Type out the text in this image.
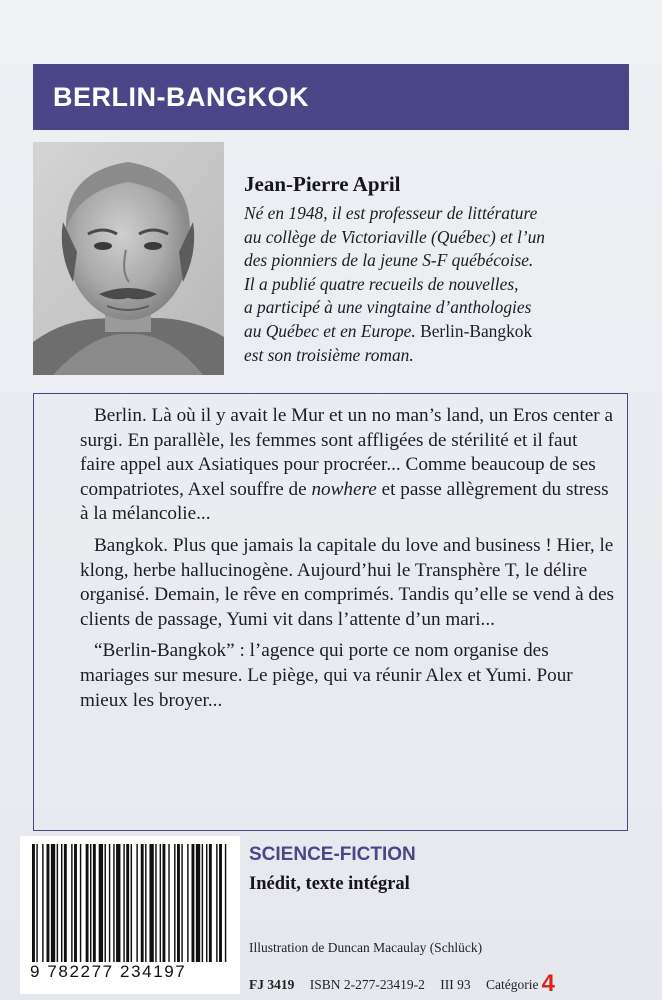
BERLIN-BANGKOK
Jean-Pierre April
Né en 1948, il est professeur de littérature
au collège de Victoriaville (Québec) et l’un
des pionniers de la jeune S-F québécoise.
Il a publié quatre recueils de nouvelles,
a participé à une vingtaine d’anthologies
au Québec et en Europe. Berlin-Bangkok
est son troisième roman.

Berlin. Là où il y avait le Mur et un no man’s land, un Eros center a surgi. En parallèle, les femmes sont affligées de stérilité et il faut faire appel aux Asiatiques pour procréer... Comme beaucoup de ses compatriotes, Axel souffre de nowhere et passe allègrement du stress à la mélancolie...

Bangkok. Plus que jamais la capitale du love and business ! Hier, le klong, herbe hallucinogène. Aujourd’hui le Transphère T, le délire organisé. Demain, le rêve en comprimés. Tandis qu’elle se vend à des clients de passage, Yumi vit dans l’attente d’un mari...

“Berlin-Bangkok” : l’agence qui porte ce nom organise des mariages sur mesure. Le piège, qui va réunir Alex et Yumi. Pour mieux les broyer...

9 782277 234197
SCIENCE-FICTION
Inédit, texte intégral
Illustration de Duncan Macaulay (Schlück)
FJ 3419 ISBN 2-277-23419-2 III 93 Catégorie 4
